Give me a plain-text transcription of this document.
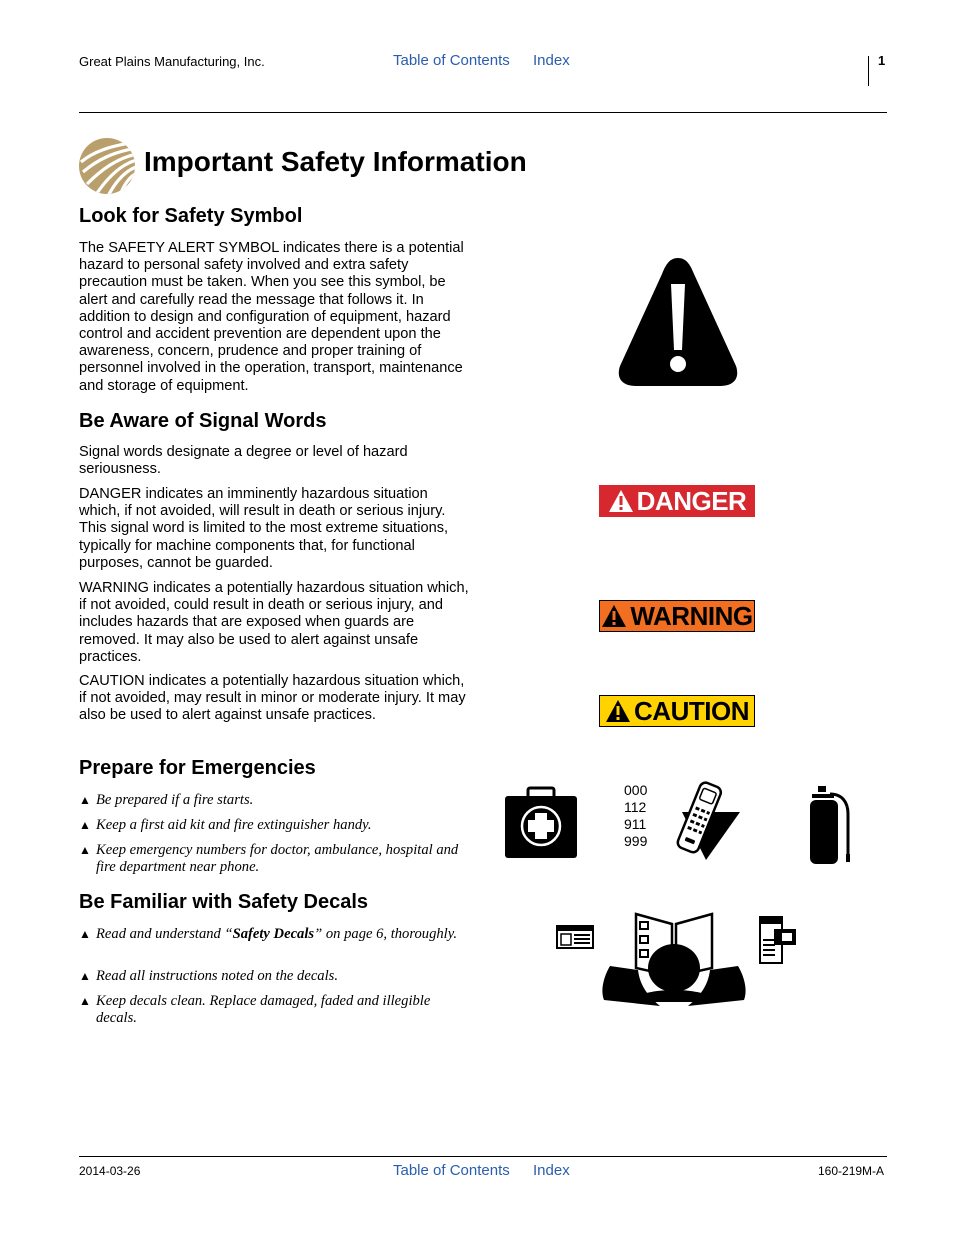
Great Plains Manufacturing, Inc.	Table of Contents Index	1
Important Safety Information
Look for Safety Symbol

The SAFETY ALERT SYMBOL indicates there is a potential hazard to personal safety involved and extra safety precaution must be taken. When you see this symbol, be alert and carefully read the message that follows it. In addition to design and configuration of equipment, hazard control and accident prevention are dependent upon the awareness, concern, prudence and proper training of personnel involved in the operation, transport, maintenance and storage of equipment.

Be Aware of Signal Words

Signal words designate a degree or level of hazard seriousness.

DANGER indicates an imminently hazardous situation which, if not avoided, will result in death or serious injury. This signal word is limited to the most extreme situations, typically for machine components that, for functional purposes, cannot be guarded.

WARNING indicates a potentially hazardous situation which, if not avoided, could result in death or serious injury, and includes hazards that are exposed when guards are removed. It may also be used to alert against unsafe practices.

CAUTION indicates a potentially hazardous situation which, if not avoided, may result in minor or moderate injury. It may also be used to alert against unsafe practices.

DANGER
WARNING
CAUTION
Prepare for Emergencies
▲ Be prepared if a fire starts.
▲ Keep a first aid kit and fire extinguisher handy.
▲ Keep emergency numbers for doctor, ambulance, hospital and fire department near phone.
000
112
911
999
Be Familiar with Safety Decals
▲ Read and understand “Safety Decals” on page 6, thoroughly.
▲ Read all instructions noted on the decals.
▲ Keep decals clean. Replace damaged, faded and illegible decals.
2014-03-26	Table of Contents Index	160-219M-A
